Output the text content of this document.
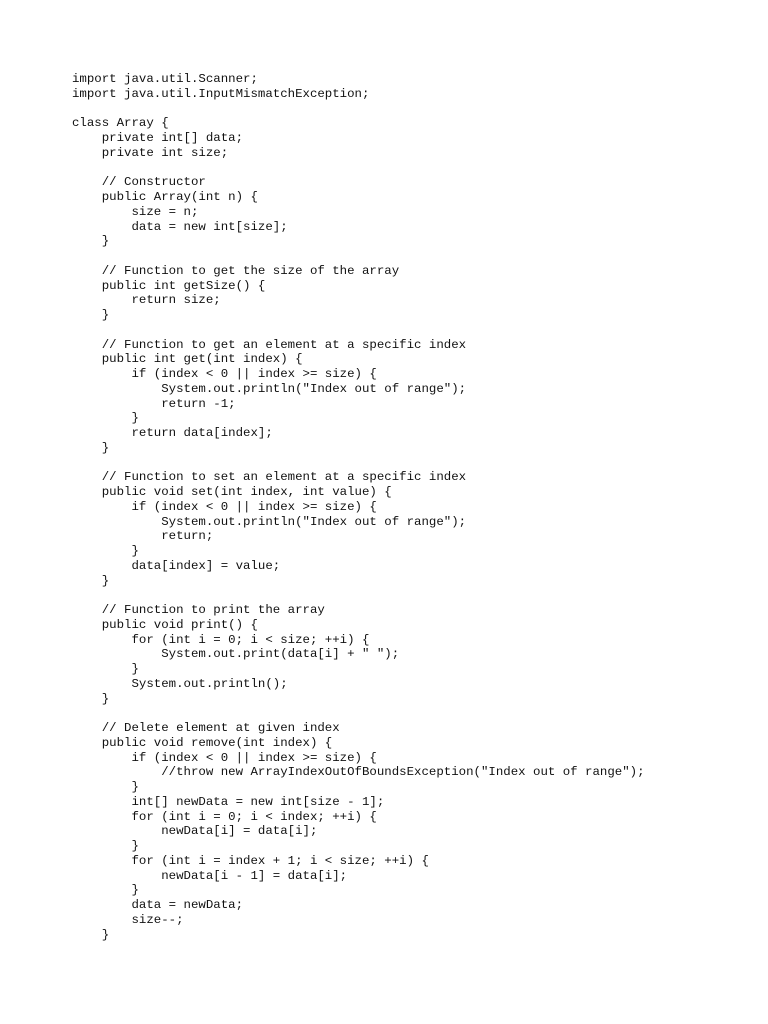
import java.util.Scanner;
import java.util.InputMismatchException;
class Array {
private int[] data;
private int size;
// Constructor
public Array(int n) {
size = n;
data = new int[size];
}
// Function to get the size of the array
public int getSize() {
return size;
}
// Function to get an element at a specific index
public int get(int index) {
if (index < 0 || index >= size) {
System.out.println("Index out of range");
return -1;
}
return data[index];
}
// Function to set an element at a specific index
public void set(int index, int value) {
if (index < 0 || index >= size) {
System.out.println("Index out of range");
return;
}
data[index] = value;
}
// Function to print the array
public void print() {
for (int i = 0; i < size; ++i) {
System.out.print(data[i] + " ");
}
System.out.println();
}
// Delete element at given index
public void remove(int index) {
if (index < 0 || index >= size) {
//throw new ArrayIndexOutOfBoundsException("Index out of range");
}
int[] newData = new int[size - 1];
for (int i = 0; i < index; ++i) {
newData[i] = data[i];
}
for (int i = index + 1; i < size; ++i) {
newData[i - 1] = data[i];
}
data = newData;
size--;
}
